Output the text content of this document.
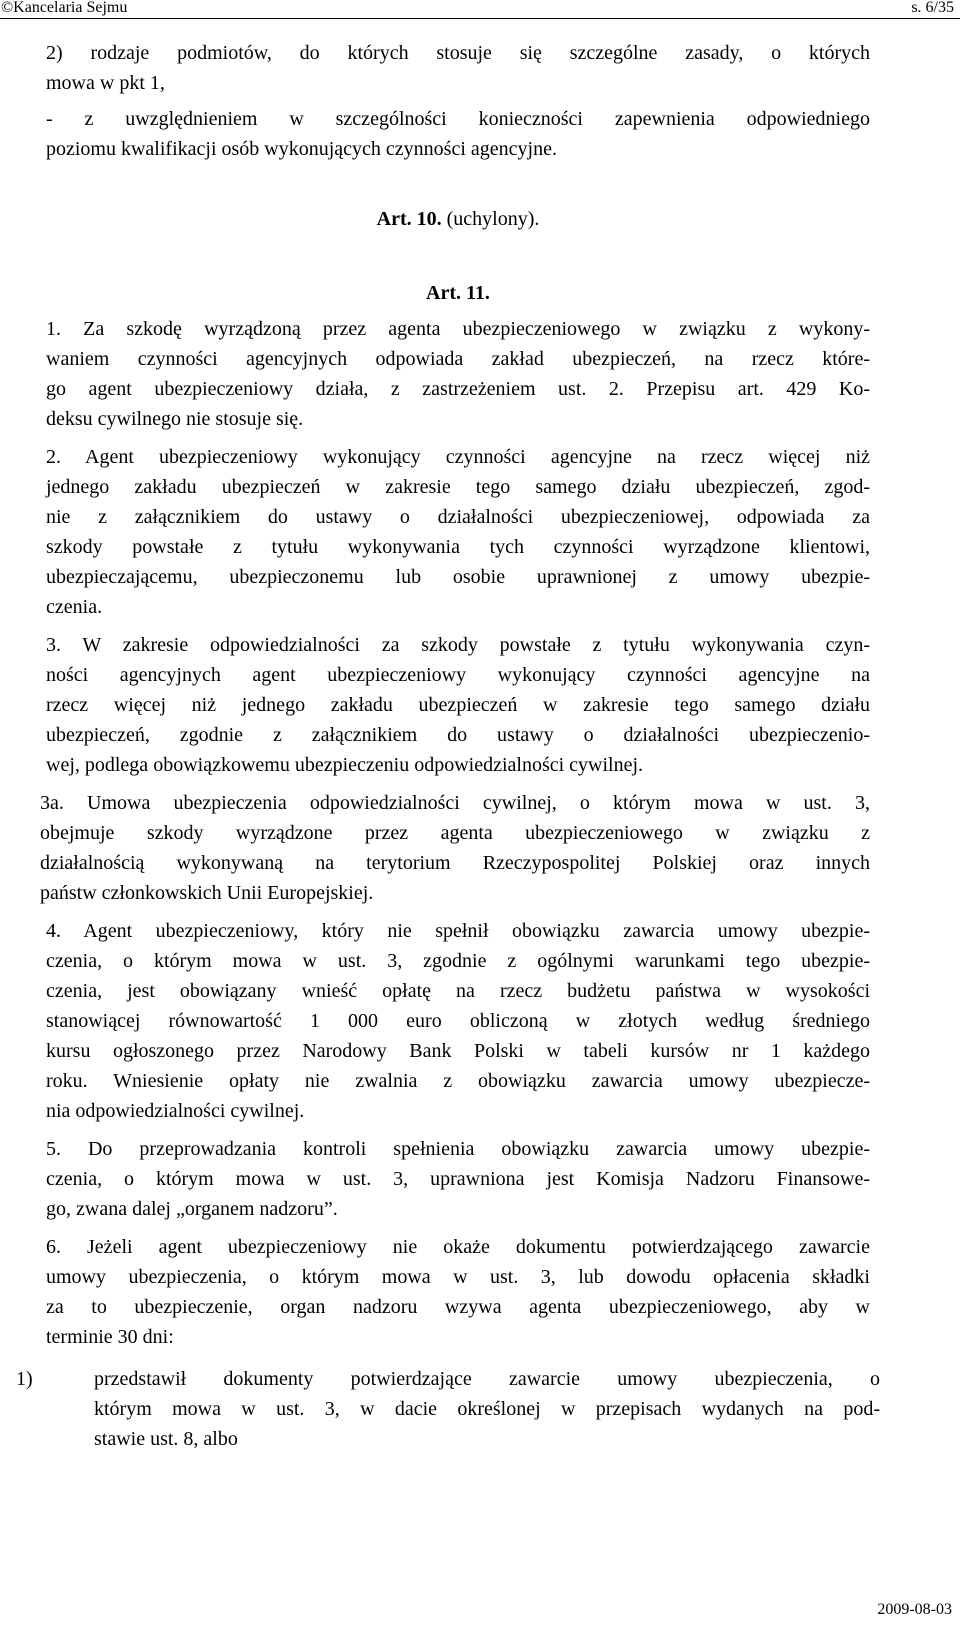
©Kancelaria Sejmu	s. 6/35
2) rodzaje podmiotów, do których stosuje się szczególne zasady, o których
mowa w pkt 1,
- z uwzględnieniem w szczególności konieczności zapewnienia odpowiedniego
poziomu kwalifikacji osób wykonujących czynności agencyjne.

Art. 10. (uchylony).

Art. 11.

1. Za szkodę wyrządzoną przez agenta ubezpieczeniowego w związku z wykony-
waniem czynności agencyjnych odpowiada zakład ubezpieczeń, na rzecz które-
go agent ubezpieczeniowy działa, z zastrzeżeniem ust. 2. Przepisu art. 429 Ko-
deksu cywilnego nie stosuje się.
2. Agent ubezpieczeniowy wykonujący czynności agencyjne na rzecz więcej niż
jednego zakładu ubezpieczeń w zakresie tego samego działu ubezpieczeń, zgod-
nie z załącznikiem do ustawy o działalności ubezpieczeniowej, odpowiada za
szkody powstałe z tytułu wykonywania tych czynności wyrządzone klientowi,
ubezpieczającemu, ubezpieczonemu lub osobie uprawnionej z umowy ubezpie-
czenia.
3. W zakresie odpowiedzialności za szkody powstałe z tytułu wykonywania czyn-
ności agencyjnych agent ubezpieczeniowy wykonujący czynności agencyjne na
rzecz więcej niż jednego zakładu ubezpieczeń w zakresie tego samego działu
ubezpieczeń, zgodnie z załącznikiem do ustawy o działalności ubezpieczenio-
wej, podlega obowiązkowemu ubezpieczeniu odpowiedzialności cywilnej.
3a. Umowa ubezpieczenia odpowiedzialności cywilnej, o którym mowa w ust. 3,
obejmuje szkody wyrządzone przez agenta ubezpieczeniowego w związku z
działalnością wykonywaną na terytorium Rzeczypospolitej Polskiej oraz innych
państw członkowskich Unii Europejskiej.
4. Agent ubezpieczeniowy, który nie spełnił obowiązku zawarcia umowy ubezpie-
czenia, o którym mowa w ust. 3, zgodnie z ogólnymi warunkami tego ubezpie-
czenia, jest obowiązany wnieść opłatę na rzecz budżetu państwa w wysokości
stanowiącej równowartość 1 000 euro obliczoną w złotych według średniego
kursu ogłoszonego przez Narodowy Bank Polski w tabeli kursów nr 1 każdego
roku. Wniesienie opłaty nie zwalnia z obowiązku zawarcia umowy ubezpiecze-
nia odpowiedzialności cywilnej.
5. Do przeprowadzania kontroli spełnienia obowiązku zawarcia umowy ubezpie-
czenia, o którym mowa w ust. 3, uprawniona jest Komisja Nadzoru Finansowe-
go, zwana dalej „organem nadzoru”.
6. Jeżeli agent ubezpieczeniowy nie okaże dokumentu potwierdzającego zawarcie
umowy ubezpieczenia, o którym mowa w ust. 3, lub dowodu opłacenia składki
za to ubezpieczenie, organ nadzoru wzywa agenta ubezpieczeniowego, aby w
terminie 30 dni:
1)	przedstawił dokumenty potwierdzające zawarcie umowy ubezpieczenia, o
którym mowa w ust. 3, w dacie określonej w przepisach wydanych na pod-
stawie ust. 8, albo
2009-08-03
